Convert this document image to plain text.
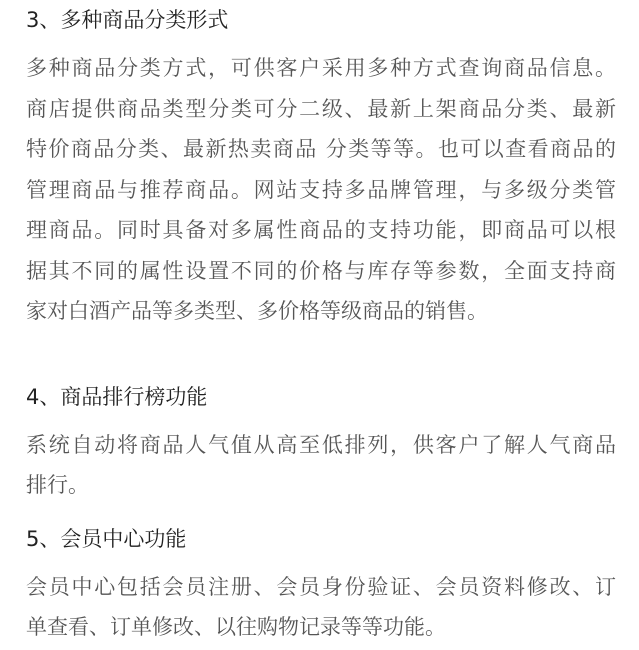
3、多种商品分类形式

多种商品分类方式，可供客户采用多种方式查询商品信息。
商店提供商品类型分类可分二级、最新上架商品分类、最新
特价商品分类、最新热卖商品 分类等等。也可以查看商品的
管理商品与推荐商品。网站支持多品牌管理，与多级分类管
理商品。同时具备对多属性商品的支持功能，即商品可以根
据其不同的属性设置不同的价格与库存等参数，全面支持商
家对白酒产品等多类型、多价格等级商品的销售。

4、商品排行榜功能

系统自动将商品人气值从高至低排列，供客户了解人气商品
排行。

5、会员中心功能

会员中心包括会员注册、会员身份验证、会员资料修改、订
单查看、订单修改、以往购物记录等等功能。
